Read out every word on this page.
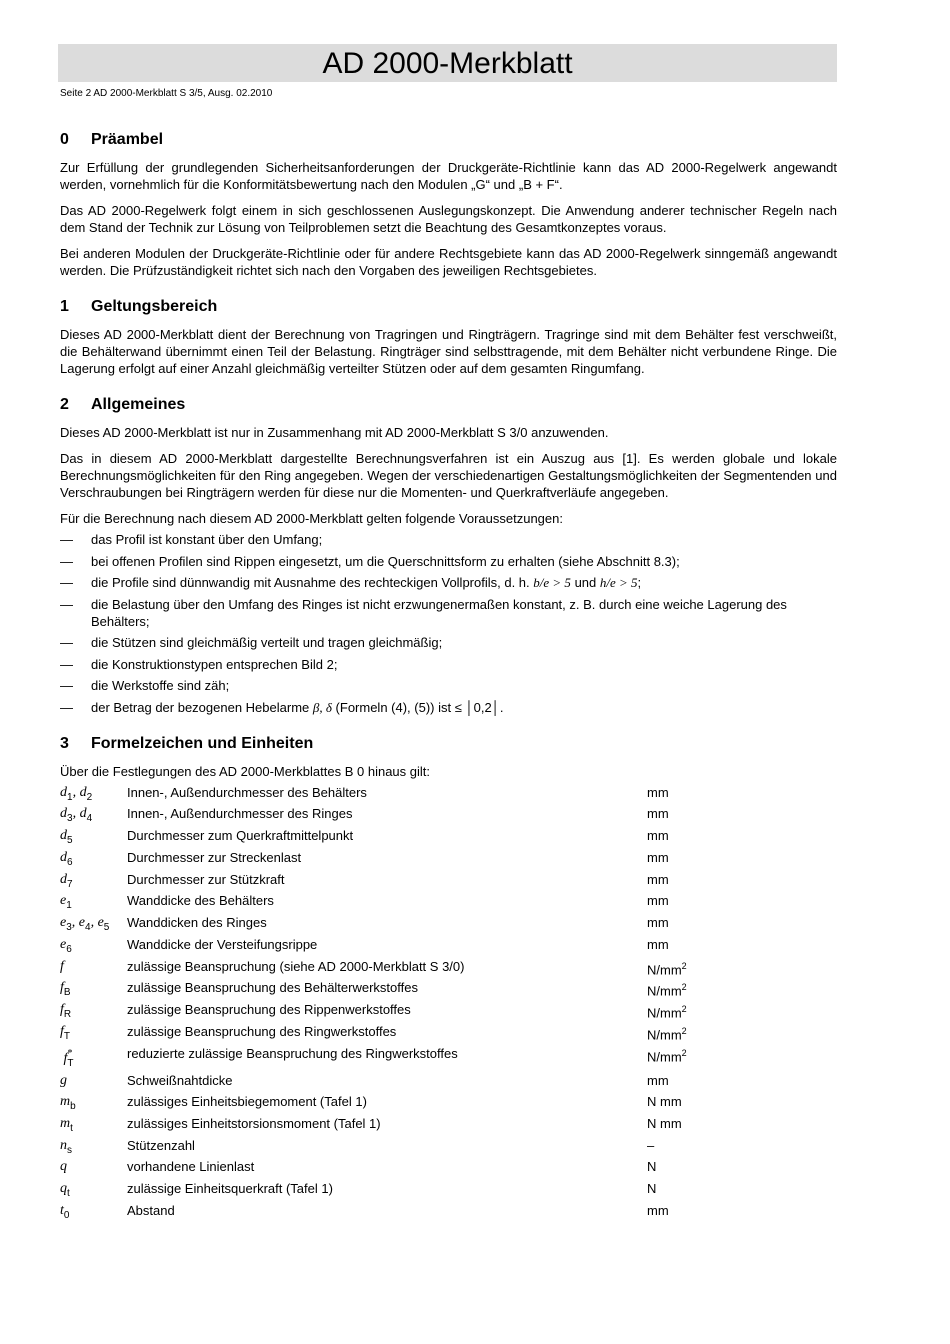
AD 2000-Merkblatt
Seite 2 AD 2000-Merkblatt S 3/5, Ausg. 02.2010
0 Präambel

Zur Erfüllung der grundlegenden Sicherheitsanforderungen der Druckgeräte-Richtlinie kann das AD 2000-Regelwerk angewandt werden, vornehmlich für die Konformitätsbewertung nach den Modulen „G“ und „B + F“.

Das AD 2000-Regelwerk folgt einem in sich geschlossenen Auslegungskonzept. Die Anwendung anderer technischer Regeln nach dem Stand der Technik zur Lösung von Teilproblemen setzt die Beachtung des Gesamtkonzeptes voraus.

Bei anderen Modulen der Druckgeräte-Richtlinie oder für andere Rechtsgebiete kann das AD 2000-Regelwerk sinngemäß angewandt werden. Die Prüfzuständigkeit richtet sich nach den Vorgaben des jeweiligen Rechtsgebietes.

1 Geltungsbereich

Dieses AD 2000-Merkblatt dient der Berechnung von Tragringen und Ringträgern. Tragringe sind mit dem Behälter fest verschweißt, die Behälterwand übernimmt einen Teil der Belastung. Ringträger sind selbsttragende, mit dem Behälter nicht verbundene Ringe. Die Lagerung erfolgt auf einer Anzahl gleichmäßig verteilter Stützen oder auf dem gesamten Ringumfang.

2 Allgemeines

Dieses AD 2000-Merkblatt ist nur in Zusammenhang mit AD 2000-Merkblatt S 3/0 anzuwenden.

Das in diesem AD 2000-Merkblatt dargestellte Berechnungsverfahren ist ein Auszug aus [1]. Es werden globale und lokale Berechnungsmöglichkeiten für den Ring angegeben. Wegen der verschiedenartigen Gestaltungsmöglichkeiten der Segmentenden und Verschraubungen bei Ringträgern werden für diese nur die Momenten- und Querkraftverläufe angegeben.

Für die Berechnung nach diesem AD 2000-Merkblatt gelten folgende Voraussetzungen:

— das Profil ist konstant über den Umfang;
— bei offenen Profilen sind Rippen eingesetzt, um die Querschnittsform zu erhalten (siehe Abschnitt 8.3);
— die Profile sind dünnwandig mit Ausnahme des rechteckigen Vollprofils, d. h. b/e > 5 und h/e > 5;
— die Belastung über den Umfang des Ringes ist nicht erzwungenermaßen konstant, z. B. durch eine weiche Lagerung des Behälters;
— die Stützen sind gleichmäßig verteilt und tragen gleichmäßig;
— die Konstruktionstypen entsprechen Bild 2;
— die Werkstoffe sind zäh;
— der Betrag der bezogenen Hebelarme β, δ (Formeln (4), (5)) ist ≤ │0,2│.
3 Formelzeichen und Einheiten

Über die Festlegungen des AD 2000-Merkblattes B 0 hinaus gilt:

$d_1$, $d_2$	Innen-, Außendurchmesser des Behälters	mm
$d_3$, $d_4$	Innen-, Außendurchmesser des Ringes	mm
$d_5$	Durchmesser zum Querkraftmittelpunkt	mm
$d_6$	Durchmesser zur Streckenlast	mm
$d_7$	Durchmesser zur Stützkraft	mm
$e_1$	Wanddicke des Behälters	mm
$e_3$, $e_4$, $e_5$	Wanddicken des Ringes	mm
$e_6$	Wanddicke der Versteifungsrippe	mm
f	zulässige Beanspruchung (siehe AD 2000-Merkblatt S 3/0)	$N/mm^2$
$f_B$	zulässige Beanspruchung des Behälterwerkstoffes	$N/mm^2$
$f_R$	zulässige Beanspruchung des Rippenwerkstoffes	$N/mm^2$
$f_T$	zulässige Beanspruchung des Ringwerkstoffes	$N/mm^2$
$f_T^*$	reduzierte zulässige Beanspruchung des Ringwerkstoffes	$N/mm^2$
g	Schweißnahtdicke	mm
$m_b$	zulässiges Einheitsbiegemoment (Tafel 1)	N mm
$m_t$	zulässiges Einheitstorsionsmoment (Tafel 1)	N mm
$n_s$	Stützenzahl	–
q	vorhandene Linienlast	N
$q_t$	zulässige Einheitsquerkraft (Tafel 1)	N
$t_0$	Abstand	mm
